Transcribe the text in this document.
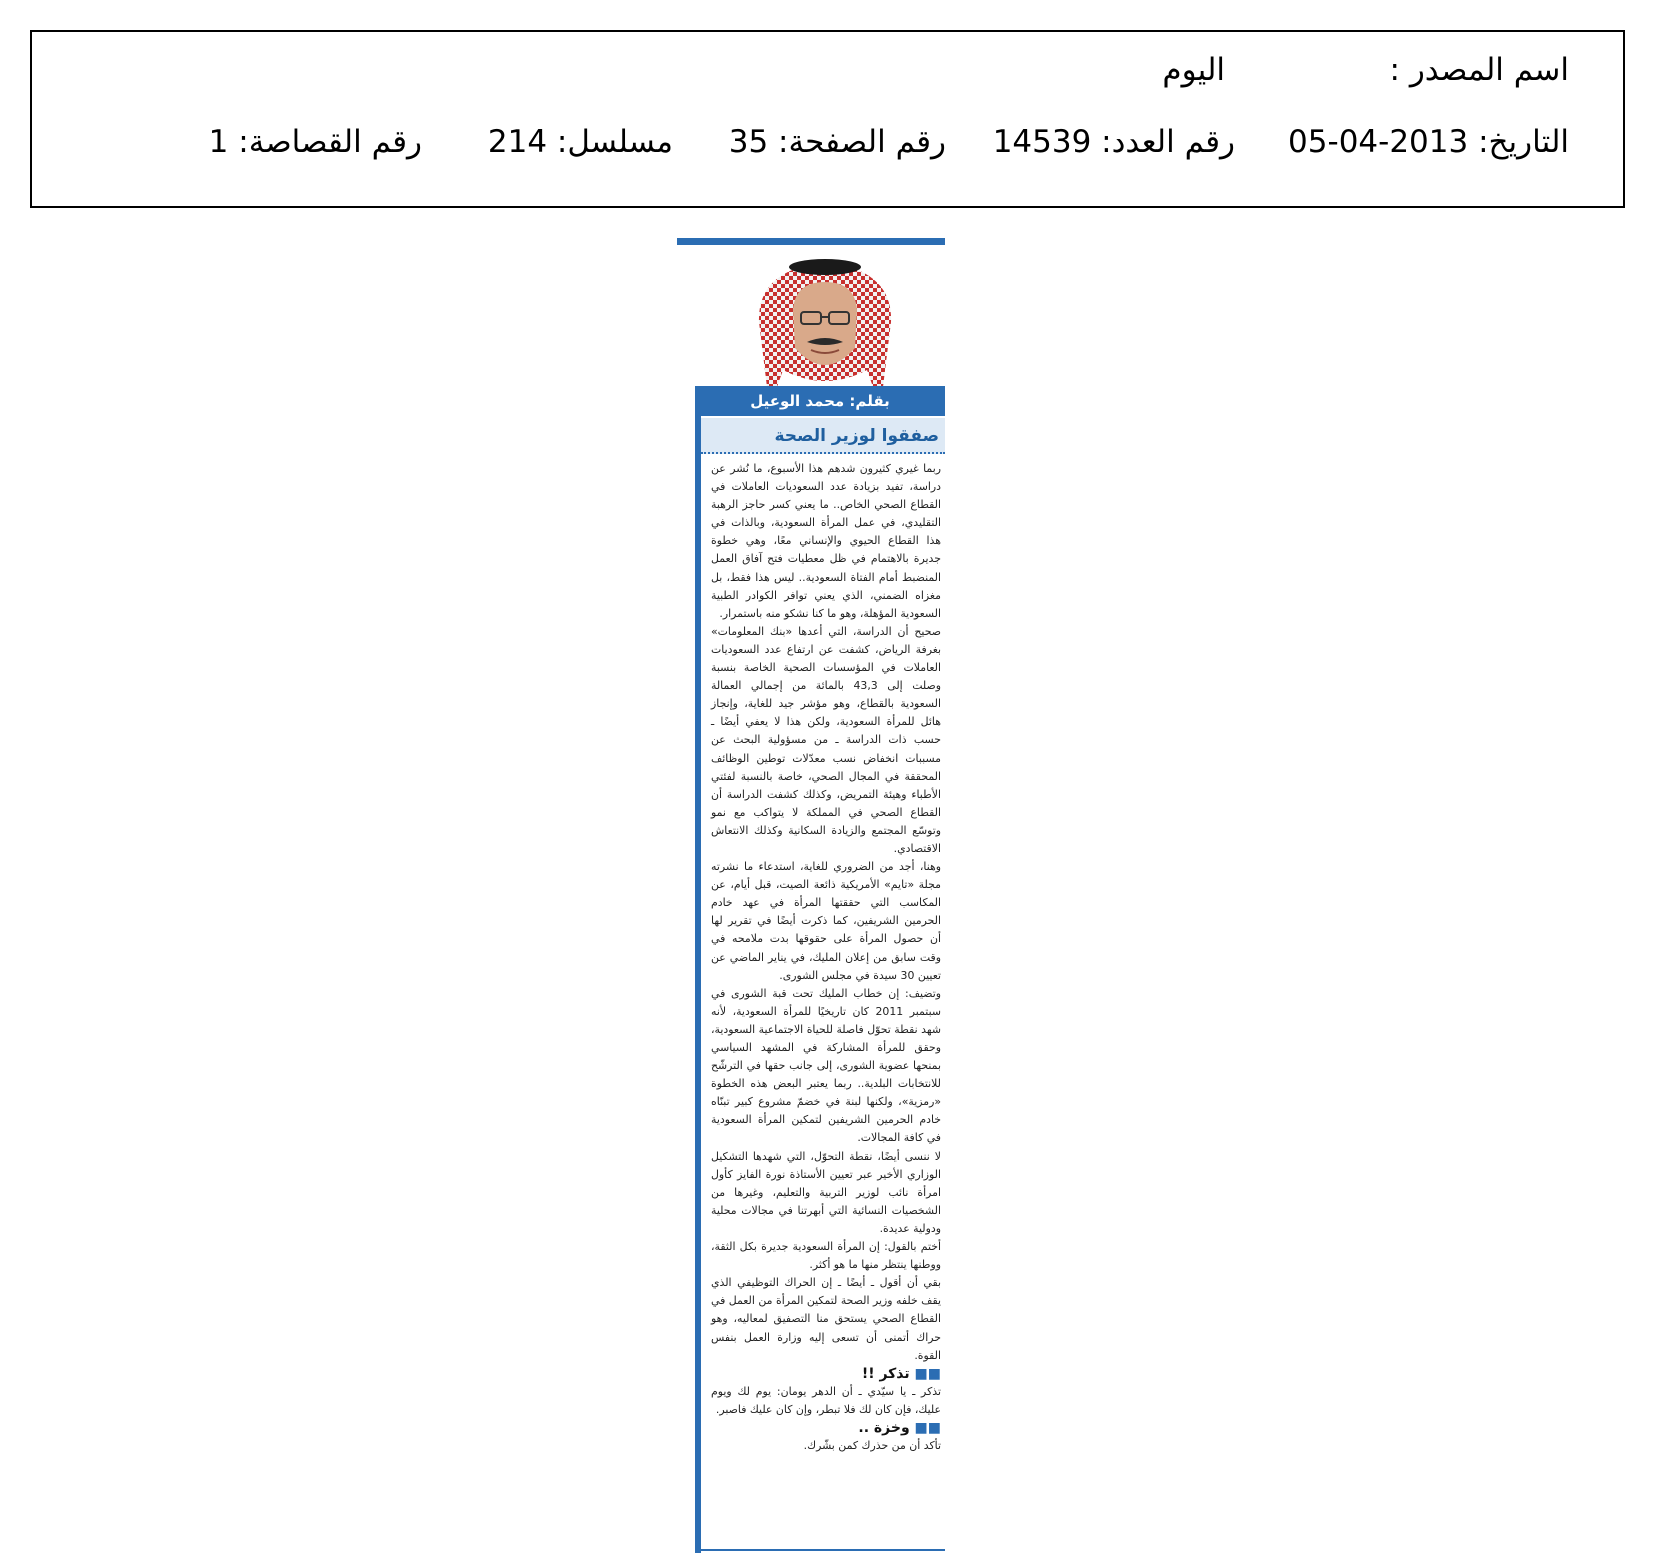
اسم المصدر :
اليوم
التاريخ: 2013-04-05
رقم العدد: 14539
رقم الصفحة: 35
مسلسل: 214
رقم القصاصة: 1
بقلم: محمد الوعيل
صفقوا لوزير الصحة

ربما غيري كثيرون شدهم هذا الأسبوع، ما نُشر عن دراسة، تفيد بزيادة عدد السعوديات العاملات في القطاع الصحي الخاص.. ما يعني كسر حاجز الرهبة التقليدي، في عمل المرأة السعودية، وبالذات في هذا القطاع الحيوي والإنساني معًا، وهي خطوة جديرة بالاهتمام في ظل معطيات فتح آفاق العمل المنضبط أمام الفتاة السعودية.. ليس هذا فقط، بل مغزاه الضمني، الذي يعني توافر الكوادر الطبية السعودية المؤهلة، وهو ما كنا نشكو منه باستمرار.

صحيح أن الدراسة، التي أعدها «بنك المعلومات» بغرفة الرياض، كشفت عن ارتفاع عدد السعوديات العاملات في المؤسسات الصحية الخاصة بنسبة وصلت إلى 43,3 بالمائة من إجمالي العمالة السعودية بالقطاع، وهو مؤشر جيد للغاية، وإنجاز هائل للمرأة السعودية، ولكن هذا لا يعفي أيضًا ـ حسب ذات الدراسة ـ من مسؤولية البحث عن مسببات انخفاض نسب معدّلات توطين الوظائف المحققة في المجال الصحي، خاصة بالنسبة لفئتي الأطباء وهيئة التمريض، وكذلك كشفت الدراسة أن القطاع الصحي في المملكة لا يتواكب مع نمو وتوسّع المجتمع والزيادة السكانية وكذلك الانتعاش الاقتصادي.

وهنا، أجد من الضروري للغاية، استدعاء ما نشرته مجلة «تايم» الأمريكية ذائعة الصيت، قبل أيام، عن المكاسب التي حققتها المرأة في عهد خادم الحرمين الشريفين، كما ذكرت أيضًا في تقرير لها أن حصول المرأة على حقوقها بدت ملامحه في وقت سابق من إعلان المليك، في يناير الماضي عن تعيين 30 سيدة في مجلس الشورى.

وتضيف: إن خطاب المليك تحت قبة الشورى في سبتمبر 2011 كان تاريخيًا للمرأة السعودية، لأنه شهد نقطة تحوّل فاصلة للحياة الاجتماعية السعودية، وحقق للمرأة المشاركة في المشهد السياسي بمنحها عضوية الشورى، إلى جانب حقها في الترشّح للانتخابات البلدية.. ربما يعتبر البعض هذه الخطوة «رمزية»، ولكنها لبنة في خضمّ مشروع كبير تبنّاه خادم الحرمين الشريفين لتمكين المرأة السعودية في كافة المجالات.

لا ننسى أيضًا، نقطة التحوّل، التي شهدها التشكيل الوزاري الأخير عبر تعيين الأستاذة نورة الفايز كأول امرأة نائب لوزير التربية والتعليم، وغيرها من الشخصيات النسائية التي أبهرتنا في مجالات محلية ودولية عديدة.

أختم بالقول: إن المرأة السعودية جديرة بكل الثقة، ووطنها ينتظر منها ما هو أكثر.

بقي أن أقول ـ أيضًا ـ إن الحراك التوظيفي الذي يقف خلفه وزير الصحة لتمكين المرأة من العمل في القطاع الصحي يستحق منا التصفيق لمعاليه، وهو حراك أتمنى أن تسعى إليه وزارة العمل بنفس القوة.

■■ تذكر !!

تذكر ـ يا سيّدي ـ أن الدهر يومان: يوم لك ويوم عليك، فإن كان لك فلا تبطر، وإن كان عليك فاصبر.

■■ وخزة ..

تأكد أن من حذرك كمن بشّرك.
